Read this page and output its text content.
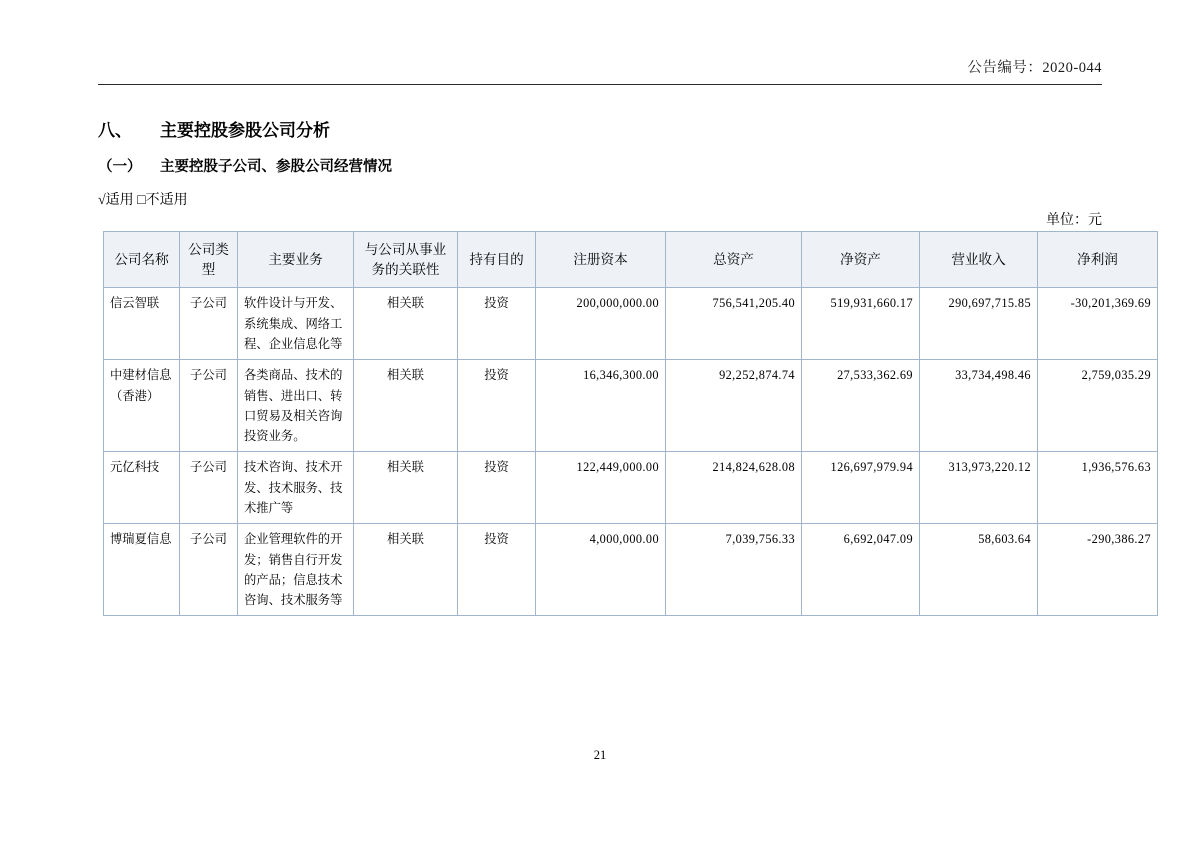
公告编号：2020-044
八、 主要控股参股公司分析
（一） 主要控股子公司、参股公司经营情况
√适用 □不适用
单位：元
公司名称	公司类型	主要业务	与公司从事业务的关联性	持有目的	注册资本	总资产	净资产	营业收入	净利润
信云智联	子公司	软件设计与开发、系统集成、网络工程、企业信息化等	相关联	投资	200,000,000.00	756,541,205.40	519,931,660.17	290,697,715.85	-30,201,369.69
中建材信息（香港）	子公司	各类商品、技术的销售、进出口、转口贸易及相关咨询投资业务。	相关联	投资	16,346,300.00	92,252,874.74	27,533,362.69	33,734,498.46	2,759,035.29
元亿科技	子公司	技术咨询、技术开发、技术服务、技术推广等	相关联	投资	122,449,000.00	214,824,628.08	126,697,979.94	313,973,220.12	1,936,576.63
博瑞夏信息	子公司	企业管理软件的开发；销售自行开发的产品；信息技术咨询、技术服务等	相关联	投资	4,000,000.00	7,039,756.33	6,692,047.09	58,603.64	-290,386.27
21
